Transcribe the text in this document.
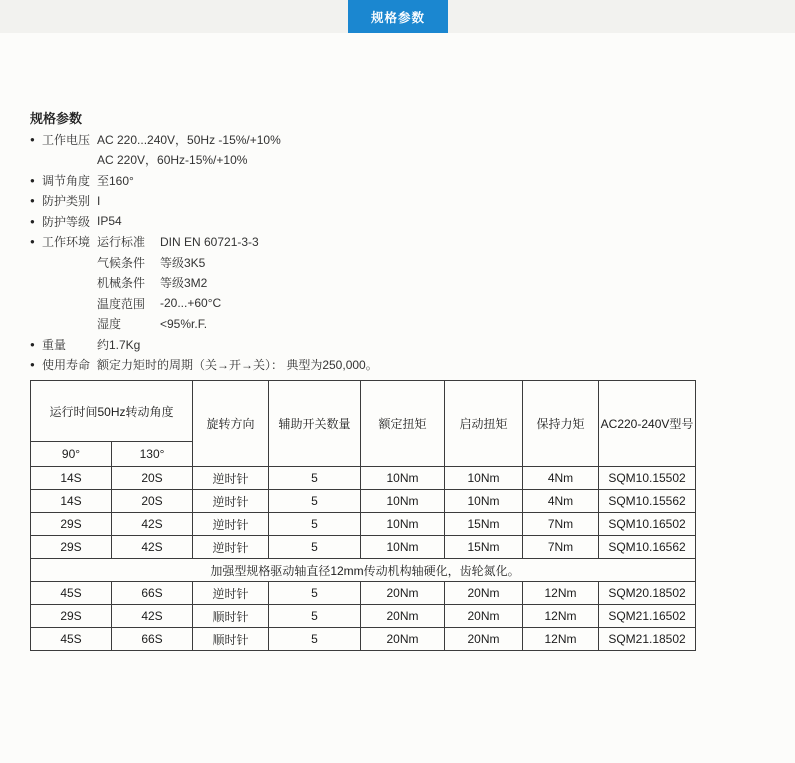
规格参数
规格参数
● 工作电压 AC 220...240V，50Hz -15%/+10%
AC 220V，60Hz-15%/+10%
● 调节角度 至160°
● 防护类别 I
● 防护等级 IP54
● 工作环境 运行标准	DIN EN 60721-3-3
气候条件	等级3K5
机械条件	等级3M2
温度范围	-20...+60°C
湿度	<95%r.F.
● 重量	约1.7Kg
● 使用寿命 额定力矩时的周期（关→开→关）： 典型为250,000。
运行时间50Hz转动角度		旋转方向	辅助开关数量	额定扭矩	启动扭矩	保持力矩	AC220-240V型号
90°	130°						
14S	20S	逆时针	5	10Nm	10Nm	4Nm	SQM10.15502
14S	20S	逆时针	5	10Nm	10Nm	4Nm	SQM10.15562
29S	42S	逆时针	5	10Nm	15Nm	7Nm	SQM10.16502
29S	42S	逆时针	5	10Nm	15Nm	7Nm	SQM10.16562
加强型规格驱动轴直径12mm传动机构轴硬化，齿轮氮化。							
45S	66S	逆时针	5	20Nm	20Nm	12Nm	SQM20.18502
29S	42S	顺时针	5	20Nm	20Nm	12Nm	SQM21.16502
45S	66S	顺时针	5	20Nm	20Nm	12Nm	SQM21.18502
